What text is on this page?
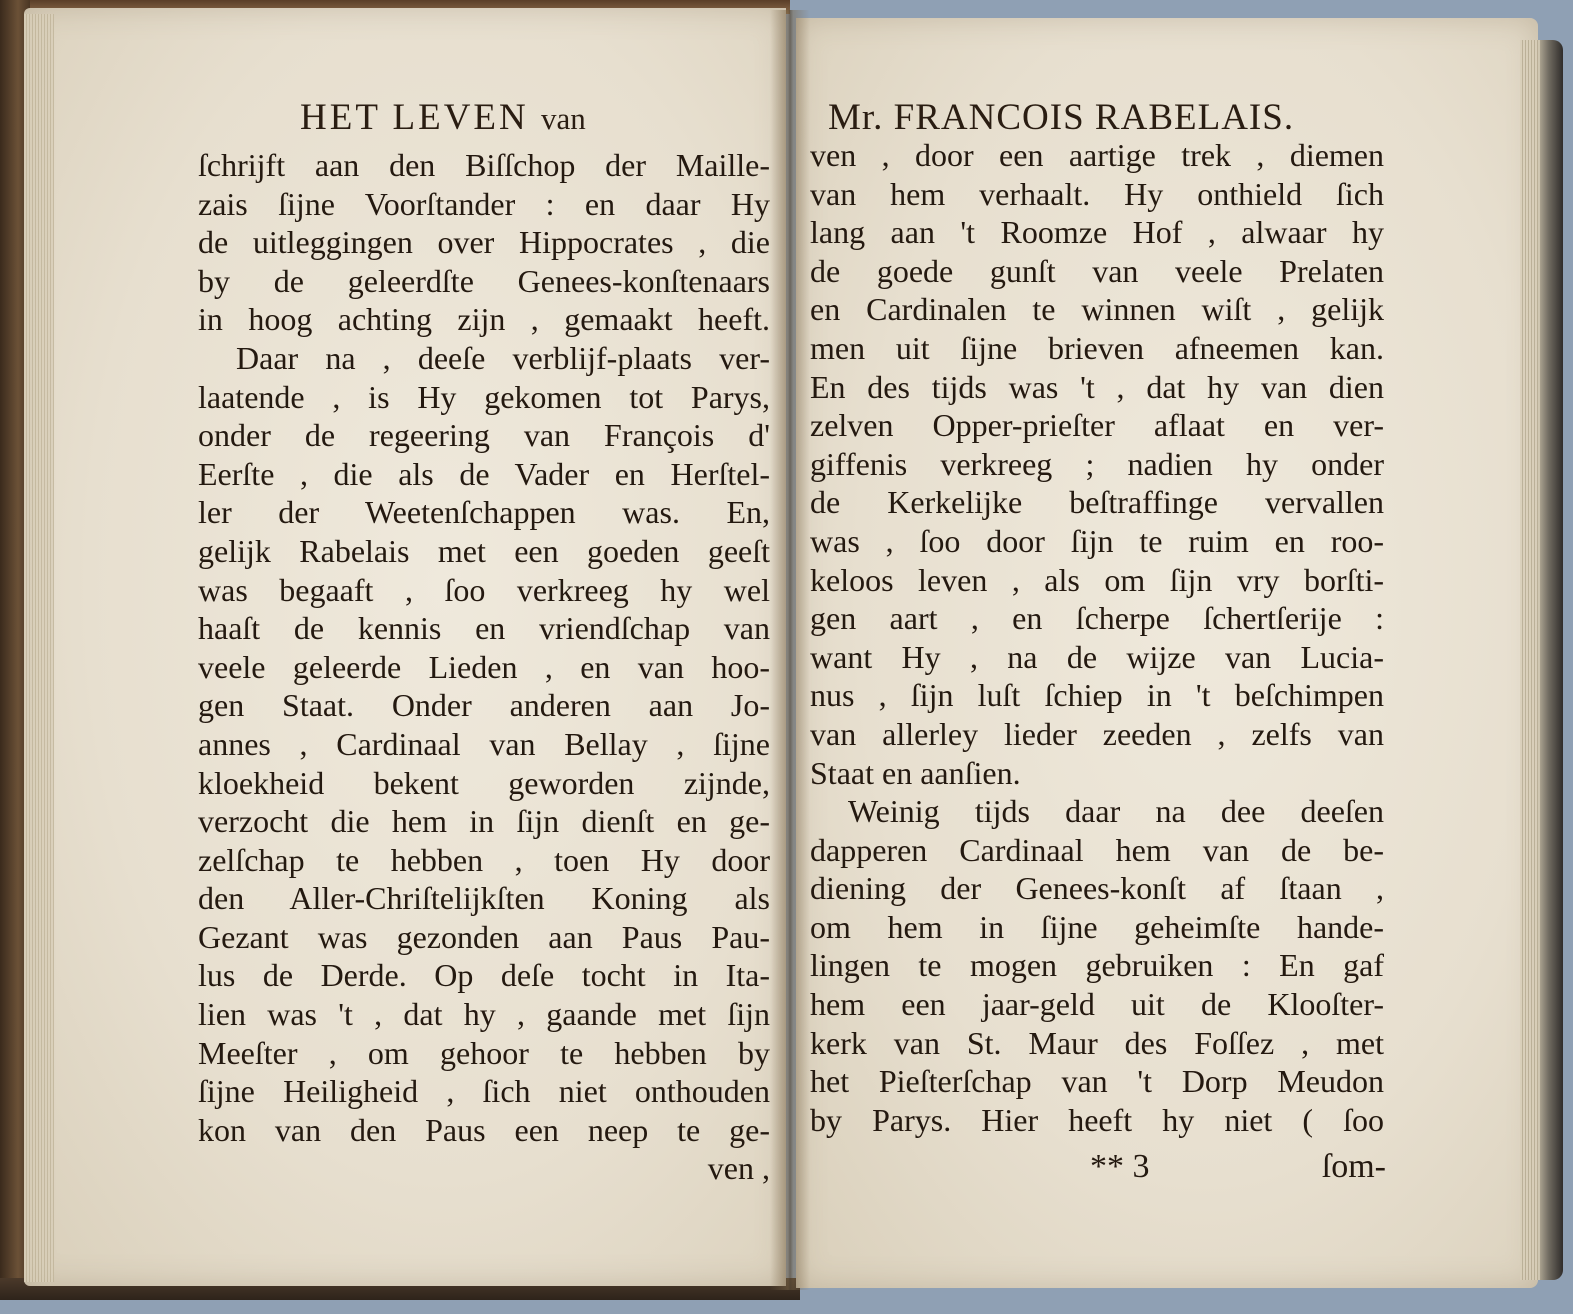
HET LEVEN van
ſchrijft aan den Biſſchop der Maille-
zais ſijne Voorſtander : en daar Hy
de uitleggingen over Hippocrates , die
by de geleerdſte Genees-konſtenaars
in hoog achting zijn , gemaakt heeft.
Daar na , deeſe verblijf-plaats ver-
laatende , is Hy gekomen tot Parys,
onder de regeering van François d'
Eerſte , die als de Vader en Herſtel-
ler der Weetenſchappen was. En,
gelijk Rabelais met een goeden geeſt
was begaaft , ſoo verkreeg hy wel
haaſt de kennis en vriendſchap van
veele geleerde Lieden , en van hoo-
gen Staat. Onder anderen aan Jo-
annes , Cardinaal van Bellay , ſijne
kloekheid bekent geworden zijnde,
verzocht die hem in ſijn dienſt en ge-
zelſchap te hebben , toen Hy door
den Aller-Chriſtelijkſten Koning als
Gezant was gezonden aan Paus Pau-
lus de Derde. Op deſe tocht in Ita-
lien was 't , dat hy , gaande met ſijn
Meeſter , om gehoor te hebben by
ſijne Heiligheid , ſich niet onthouden
kon van den Paus een neep te ge-
ven ,
Mr. FRANCOIS RABELAIS.
ven , door een aartige trek , diemen
van hem verhaalt. Hy onthield ſich
lang aan 't Roomze Hof , alwaar hy
de goede gunſt van veele Prelaten
en Cardinalen te winnen wiſt , gelijk
men uit ſijne brieven afneemen kan.
En des tijds was 't , dat hy van dien
zelven Opper-prieſter aflaat en ver-
giffenis verkreeg ; nadien hy onder
de Kerkelijke beſtraffinge vervallen
was , ſoo door ſijn te ruim en roo-
keloos leven , als om ſijn vry borſti-
gen aart , en ſcherpe ſchertſerije :
want Hy , na de wijze van Lucia-
nus , ſijn luſt ſchiep in 't beſchimpen
van allerley lieder zeeden , zelfs van
Staat en aanſien.
Weinig tijds daar na dee deeſen
dapperen Cardinaal hem van de be-
diening der Genees-konſt af ſtaan ,
om hem in ſijne geheimſte hande-
lingen te mogen gebruiken : En gaf
hem een jaar-geld uit de Klooſter-
kerk van St. Maur des Foſſez , met
het Pieſterſchap van 't Dorp Meudon
by Parys. Hier heeft hy niet ( ſoo
** 3	ſom-
